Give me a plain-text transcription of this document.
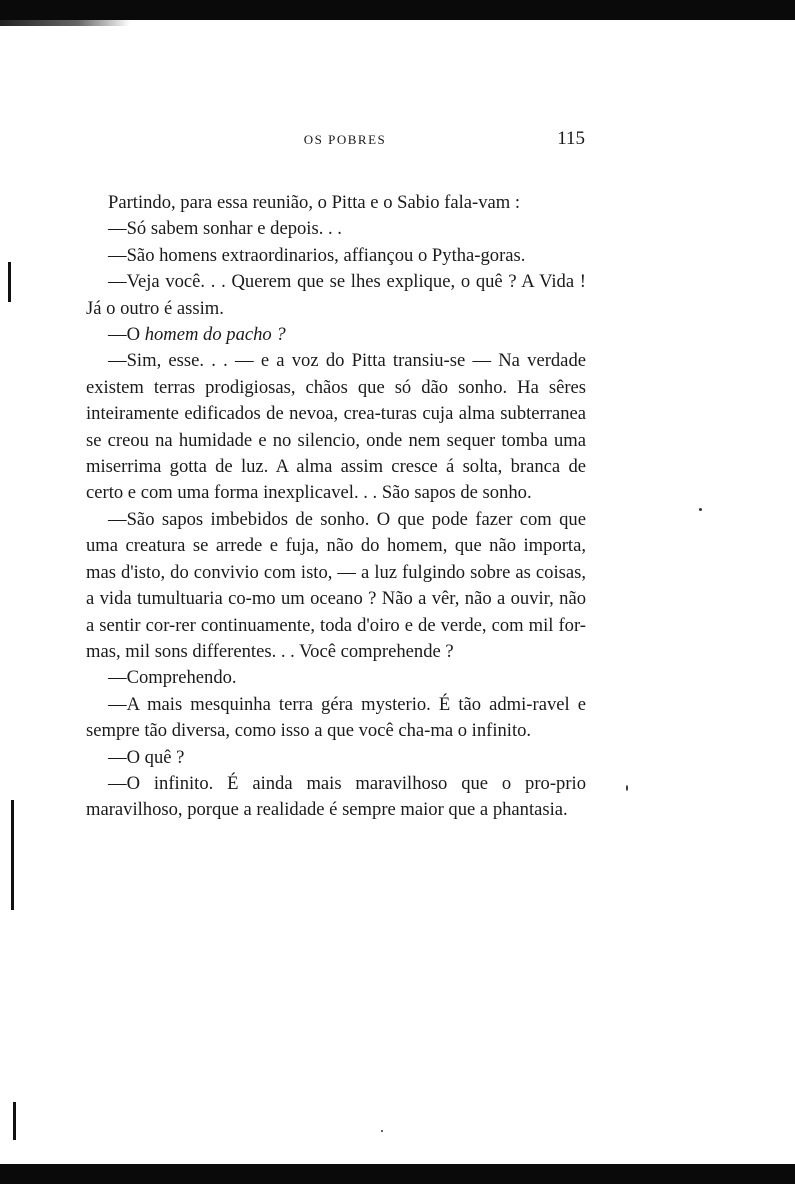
OS POBRES	115

Partindo, para essa reunião, o Pitta e o Sabio fala-vam :

—Só sabem sonhar e depois. . .

—São homens extraordinarios, affiançou o Pytha-goras.

—Veja você. . . Querem que se lhes explique, o quê ? A Vida ! Já o outro é assim.

—O homem do pacho ?

—Sim, esse. . . — e a voz do Pitta transiu-se — Na verdade existem terras prodigiosas, chãos que só dão sonho. Ha sêres inteiramente edificados de nevoa, crea-turas cuja alma subterranea se creou na humidade e no silencio, onde nem sequer tomba uma miserrima gotta de luz. A alma assim cresce á solta, branca de certo e com uma forma inexplicavel. . . São sapos de sonho.

—São sapos imbebidos de sonho. O que pode fazer com que uma creatura se arrede e fuja, não do homem, que não importa, mas d'isto, do convivio com isto, — a luz fulgindo sobre as coisas, a vida tumultuaria co-mo um oceano ? Não a vêr, não a ouvir, não a sentir cor-rer continuamente, toda d'oiro e de verde, com mil for-mas, mil sons differentes. . . Você comprehende ?

—Comprehendo.

—A mais mesquinha terra géra mysterio. É tão admi-ravel e sempre tão diversa, como isso a que você cha-ma o infinito.

—O quê ?

—O infinito. É ainda mais maravilhoso que o pro-prio maravilhoso, porque a realidade é sempre maior que a phantasia.
